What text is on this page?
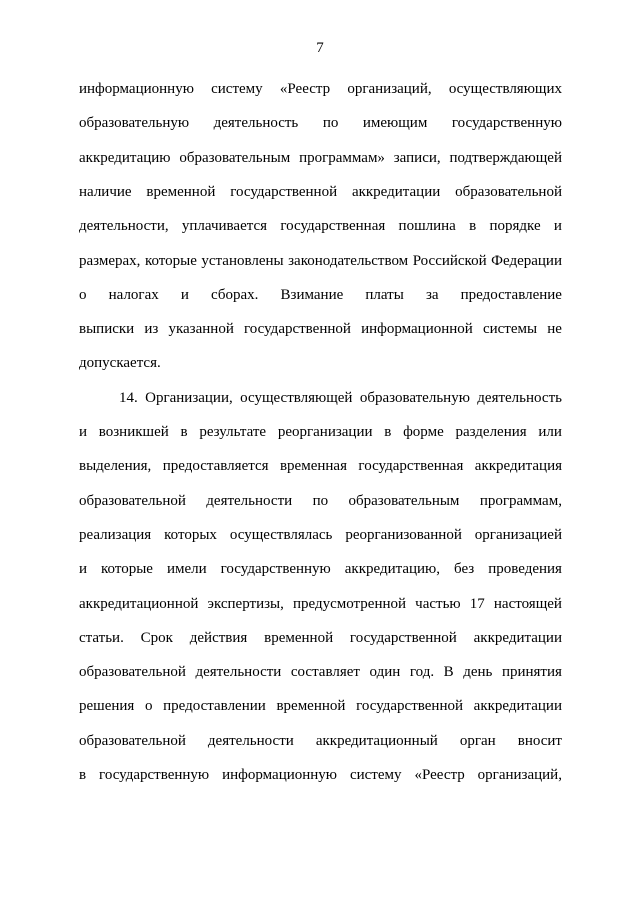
7
информационную систему «Реестр организаций, осуществляющих
образовательную деятельность по имеющим государственную
аккредитацию образовательным программам» записи, подтверждающей
наличие временной государственной аккредитации образовательной
деятельности, уплачивается государственная пошлина в порядке и
размерах, которые установлены законодательством Российской Федерации
о налогах и сборах. Взимание платы за предоставление
выписки из указанной государственной информационной системы не
допускается.
14. Организации, осуществляющей образовательную деятельность
и возникшей в результате реорганизации в форме разделения или
выделения, предоставляется временная государственная аккредитация
образовательной деятельности по образовательным программам,
реализация которых осуществлялась реорганизованной организацией
и которые имели государственную аккредитацию, без проведения
аккредитационной экспертизы, предусмотренной частью 17 настоящей
статьи. Срок действия временной государственной аккредитации
образовательной деятельности составляет один год. В день принятия
решения о предоставлении временной государственной аккредитации
образовательной деятельности аккредитационный орган вносит
в государственную информационную систему «Реестр организаций,
